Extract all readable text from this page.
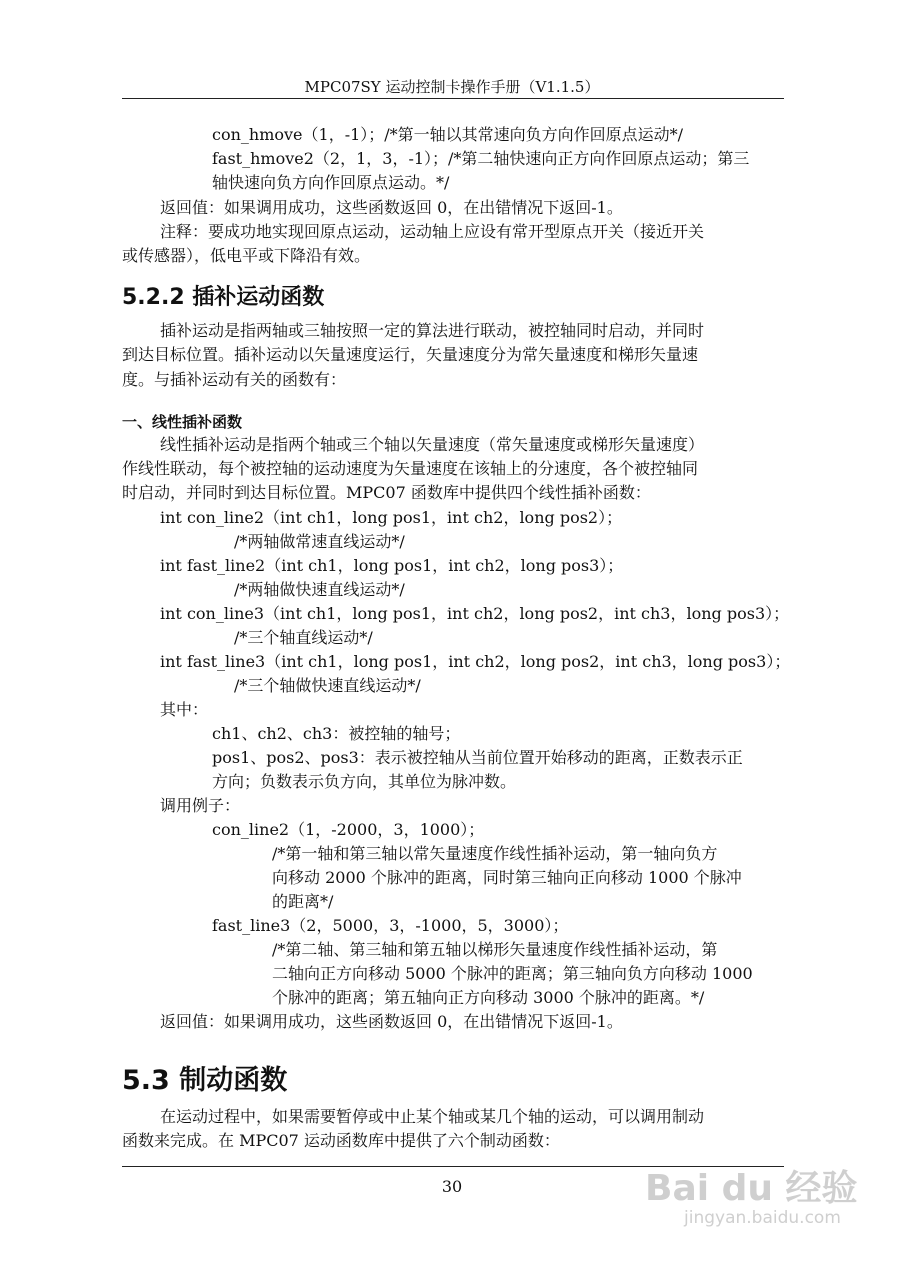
MPC07SY 运动控制卡操作手册（V1.1.5）
con_hmove（1，-1）；/*第一轴以其常速向负方向作回原点运动*/
fast_hmove2（2，1，3，-1）；/*第二轴快速向正方向作回原点运动；第三
轴快速向负方向作回原点运动。*/
返回值：如果调用成功，这些函数返回 0，在出错情况下返回-1。
注释：要成功地实现回原点运动，运动轴上应设有常开型原点开关（接近开关
或传感器），低电平或下降沿有效。
5.2.2 插补运动函数
插补运动是指两轴或三轴按照一定的算法进行联动，被控轴同时启动，并同时
到达目标位置。插补运动以矢量速度运行，矢量速度分为常矢量速度和梯形矢量速
度。与插补运动有关的函数有：
一、线性插补函数
线性插补运动是指两个轴或三个轴以矢量速度（常矢量速度或梯形矢量速度）
作线性联动，每个被控轴的运动速度为矢量速度在该轴上的分速度，各个被控轴同
时启动，并同时到达目标位置。MPC07 函数库中提供四个线性插补函数：
int con_line2（int ch1，long pos1，int ch2，long pos2）；
/*两轴做常速直线运动*/
int fast_line2（int ch1，long pos1，int ch2，long pos3）；
/*两轴做快速直线运动*/
int con_line3（int ch1，long pos1，int ch2，long pos2，int ch3，long pos3）；
/*三个轴直线运动*/
int fast_line3（int ch1，long pos1，int ch2，long pos2，int ch3，long pos3）；
/*三个轴做快速直线运动*/
其中：
ch1、ch2、ch3：被控轴的轴号；
pos1、pos2、pos3：表示被控轴从当前位置开始移动的距离，正数表示正
方向；负数表示负方向，其单位为脉冲数。
调用例子：
con_line2（1，-2000，3，1000）；
/*第一轴和第三轴以常矢量速度作线性插补运动，第一轴向负方
向移动 2000 个脉冲的距离，同时第三轴向正向移动 1000 个脉冲
的距离*/
fast_line3（2，5000，3，-1000，5，3000）；
/*第二轴、第三轴和第五轴以梯形矢量速度作线性插补运动，第
二轴向正方向移动 5000 个脉冲的距离；第三轴向负方向移动 1000
个脉冲的距离；第五轴向正方向移动 3000 个脉冲的距离。*/
返回值：如果调用成功，这些函数返回 0，在出错情况下返回-1。
5.3 制动函数
在运动过程中，如果需要暂停或中止某个轴或某几个轴的运动，可以调用制动
函数来完成。在 MPC07 运动函数库中提供了六个制动函数：
30	Bai du 经验
jingyan.baidu.com
